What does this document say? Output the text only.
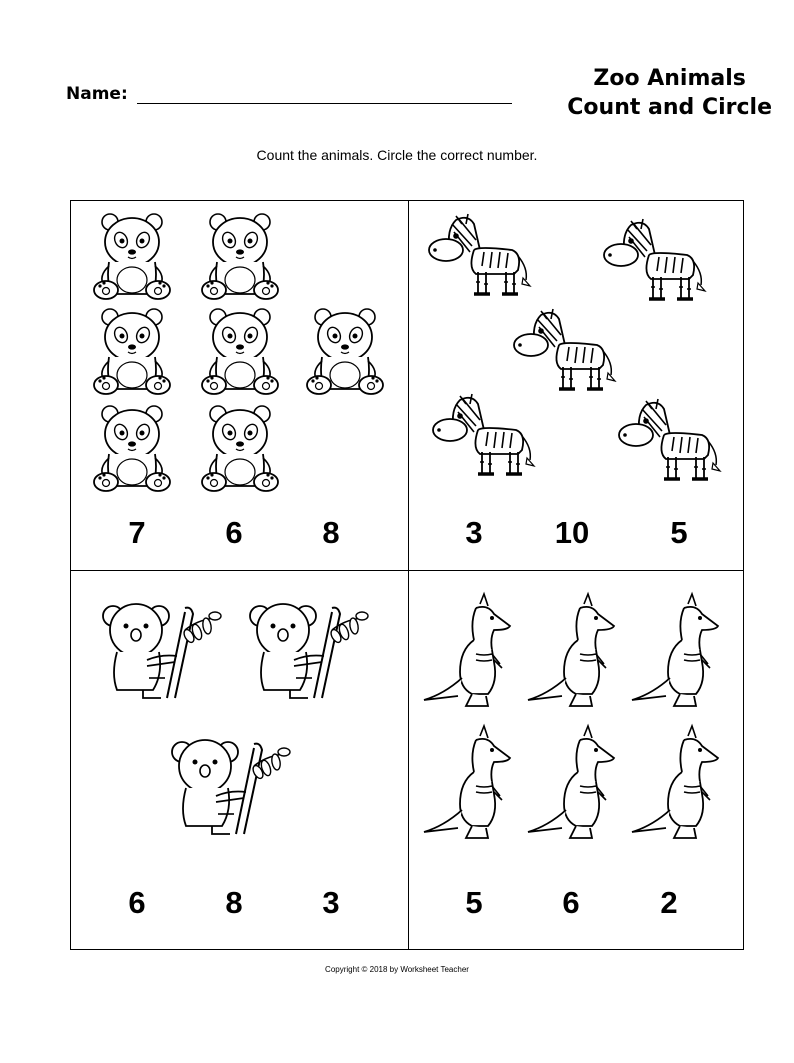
Name:
Zoo Animals
Count and Circle
Count the animals. Circle the correct number.
7	6	8	3	10	5
6	8	3	5	6	2
Copyright © 2018 by Worksheet Teacher
